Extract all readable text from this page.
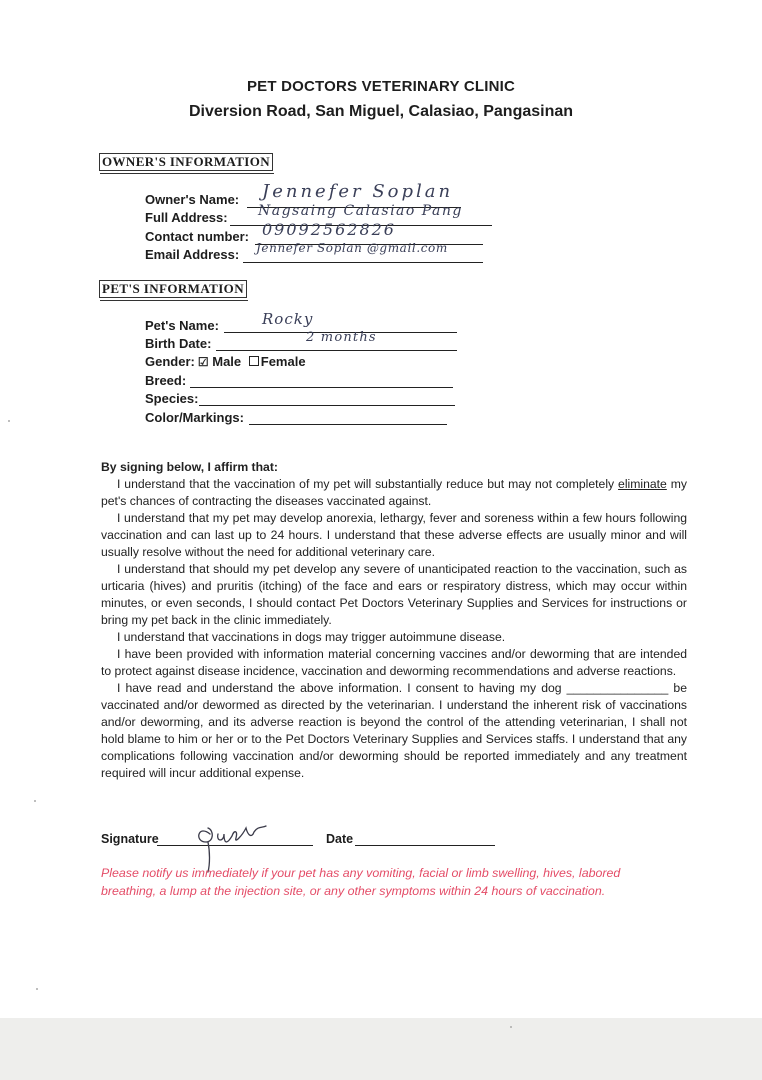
PET DOCTORS VETERINARY CLINIC
Diversion Road, San Miguel, Calasiao, Pangasinan
OWNER'S INFORMATION
Owner's Name: Jennefer Soplan
Full Address: Nagsaing Calasiao Pang
Contact number: 09092562826
Email Address: Jennefer Soplan @gmail.com
PET'S INFORMATION
Pet's Name:	Rocky
Birth Date:	2 months
Gender: ☑ Male Female
Breed:
Species:
Color/Markings:

By signing below, I affirm that:

I understand that the vaccination of my pet will substantially reduce but may not completely eliminate my pet's chances of contracting the diseases vaccinated against.

I understand that my pet may develop anorexia, lethargy, fever and soreness within a few hours following vaccination and can last up to 24 hours. I understand that these adverse effects are usually minor and will usually resolve without the need for additional veterinary care.

I understand that should my pet develop any severe of unanticipated reaction to the vaccination, such as urticaria (hives) and pruritis (itching) of the face and ears or respiratory distress, which may occur within minutes, or even seconds, I should contact Pet Doctors Veterinary Supplies and Services for instructions or bring my pet back in the clinic immediately.

I understand that vaccinations in dogs may trigger autoimmune disease.

I have been provided with information material concerning vaccines and/or deworming that are intended to protect against disease incidence, vaccination and deworming recommendations and adverse reactions.

I have read and understand the above information. I consent to having my dog _______________ be vaccinated and/or dewormed as directed by the veterinarian. I understand the inherent risk of vaccinations and/or deworming, and its adverse reaction is beyond the control of the attending veterinarian, I shall not hold blame to him or her or to the Pet Doctors Veterinary Supplies and Services staffs. I understand that any complications following vaccination and/or deworming should be reported immediately and any treatment required will incur additional expense.

Signature	Date
Please notify us immediately if your pet has any vomiting, facial or limb swelling, hives, labored breathing, a lump at the injection site, or any other symptoms within 24 hours of vaccination.
